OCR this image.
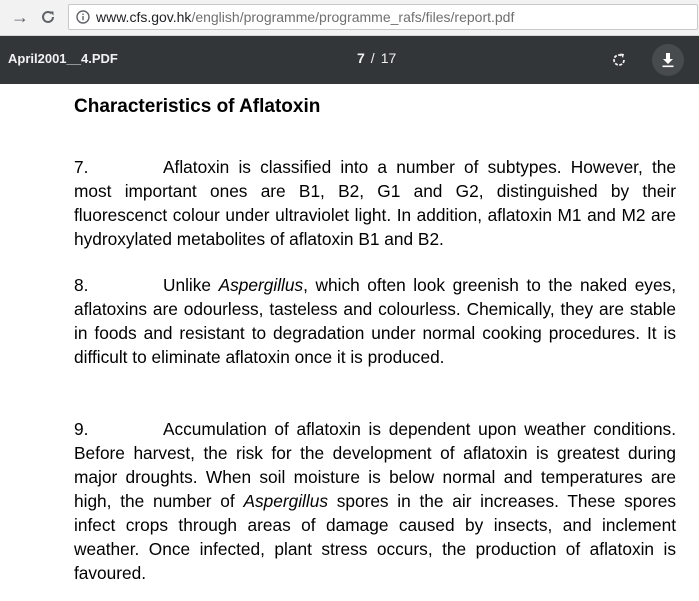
→	www.cfs.gov.hk/english/programme/programme_rafs/files/report.pdf
April2001__4.PDF	7 / 17
Characteristics of Aflatoxin
7.	Aflatoxin is classified into a number of subtypes. However, the most important ones are B1, B2, G1 and G2, distinguished by their fluorescenct colour under ultraviolet light. In addition, aflatoxin M1 and M2 are hydroxylated metabolites of aflatoxin B1 and B2.
8.	Unlike Aspergillus, which often look greenish to the naked eyes, aflatoxins are odourless, tasteless and colourless. Chemically, they are stable in foods and resistant to degradation under normal cooking procedures. It is difficult to eliminate aflatoxin once it is produced.
9.	Accumulation of aflatoxin is dependent upon weather conditions. Before harvest, the risk for the development of aflatoxin is greatest during major droughts. When soil moisture is below normal and temperatures are high, the number of Aspergillus spores in the air increases. These spores infect crops through areas of damage caused by insects, and inclement weather. Once infected, plant stress occurs, the production of aflatoxin is favoured.
